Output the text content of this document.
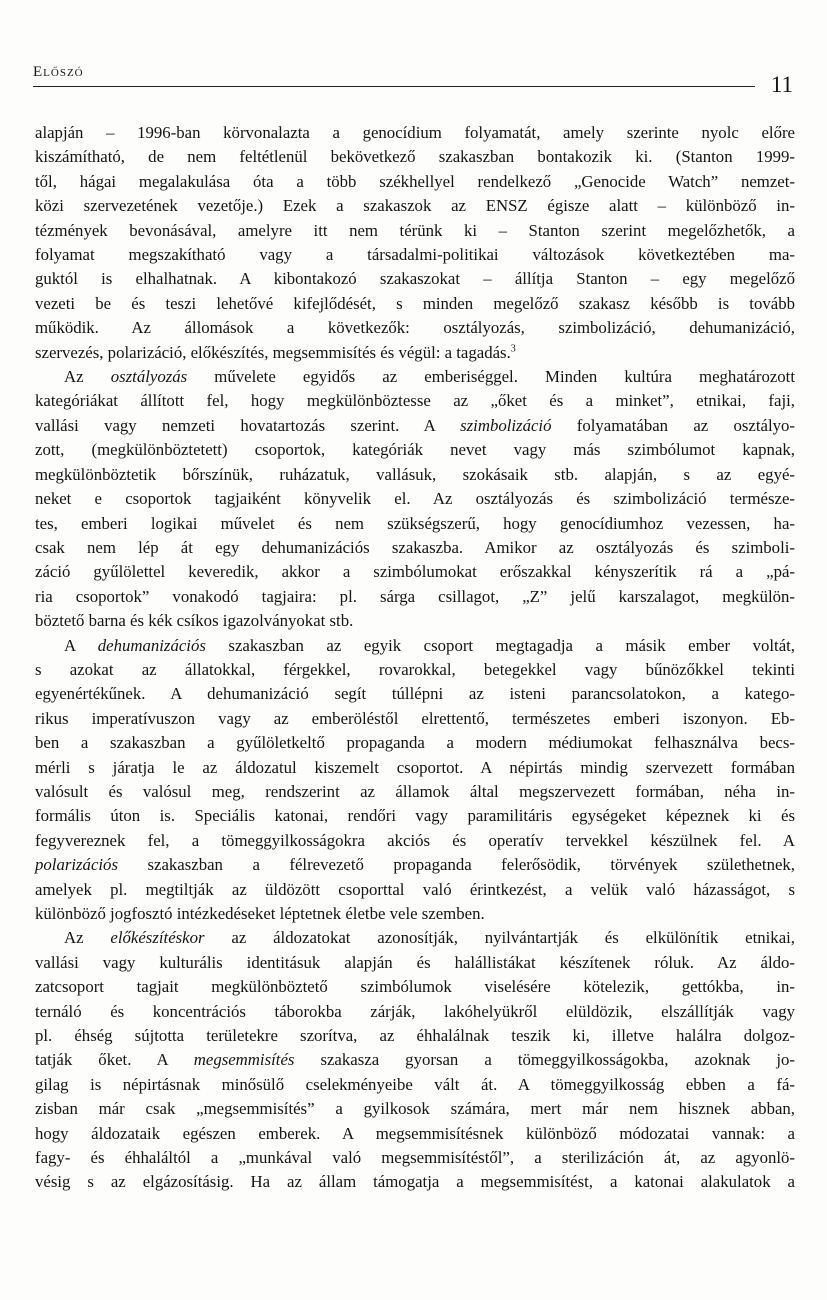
Előszó	11
alapján – 1996-ban körvonalazta a genocídium folyamatát, amely szerinte nyolc előre
kiszámítható, de nem feltétlenül bekövetkező szakaszban bontakozik ki. (Stanton 1999-
től, hágai megalakulása óta a több székhellyel rendelkező „Genocide Watch” nemzet-
közi szervezetének vezetője.) Ezek a szakaszok az ENSZ égisze alatt – különböző in-
tézmények bevonásával, amelyre itt nem térünk ki – Stanton szerint megelőzhetők, a
folyamat megszakítható vagy a társadalmi-politikai változások következtében ma-
guktól is elhalhatnak. A kibontakozó szakaszokat – állítja Stanton – egy megelőző
vezeti be és teszi lehetővé kifejlődését, s minden megelőző szakasz később is tovább
működik. Az állomások a következők: osztályozás, szimbolizáció, dehumanizáció,
szervezés, polarizáció, előkészítés, megsemmisítés és végül: a tagadás.$^3$
Az osztályozás művelete egyidős az emberiséggel. Minden kultúra meghatározott
kategóriákat állított fel, hogy megkülönböztesse az „őket és a minket”, etnikai, faji,
vallási vagy nemzeti hovatartozás szerint. A szimbolizáció folyamatában az osztályo-
zott, (megkülönböztetett) csoportok, kategóriák nevet vagy más szimbólumot kapnak,
megkülönböztetik bőrszínük, ruházatuk, vallásuk, szokásaik stb. alapján, s az egyé-
neket e csoportok tagjaiként könyvelik el. Az osztályozás és szimbolizáció természe-
tes, emberi logikai művelet és nem szükségszerű, hogy genocídiumhoz vezessen, ha-
csak nem lép át egy dehumanizációs szakaszba. Amikor az osztályozás és szimboli-
záció gyűlölettel keveredik, akkor a szimbólumokat erőszakkal kényszerítik rá a „pá-
ria csoportok” vonakodó tagjaira: pl. sárga csillagot, „Z” jelű karszalagot, megkülön-
böztető barna és kék csíkos igazolványokat stb.
A dehumanizációs szakaszban az egyik csoport megtagadja a másik ember voltát,
s azokat az állatokkal, férgekkel, rovarokkal, betegekkel vagy bűnözőkkel tekinti
egyenértékűnek. A dehumanizáció segít túllépni az isteni parancsolatokon, a katego-
rikus imperatívuszon vagy az emberöléstől elrettentő, természetes emberi iszonyon. Eb-
ben a szakaszban a gyűlöletkeltő propaganda a modern médiumokat felhasználva becs-
mérli s járatja le az áldozatul kiszemelt csoportot. A népirtás mindig szervezett formában
valósult és valósul meg, rendszerint az államok által megszervezett formában, néha in-
formális úton is. Speciális katonai, rendőri vagy paramilitáris egységeket képeznek ki és
fegyvereznek fel, a tömeggyilkosságokra akciós és operatív tervekkel készülnek fel. A
polarizációs szakaszban a félrevezető propaganda felerősödik, törvények születhetnek,
amelyek pl. megtiltják az üldözött csoporttal való érintkezést, a velük való házasságot, s
különböző jogfosztó intézkedéseket léptetnek életbe vele szemben.
Az előkészítéskor az áldozatokat azonosítják, nyilvántartják és elkülönítik etnikai,
vallási vagy kulturális identitásuk alapján és halállistákat készítenek róluk. Az áldo-
zatcsoport tagjait megkülönböztető szimbólumok viselésére kötelezik, gettókba, in-
ternáló és koncentrációs táborokba zárják, lakóhelyükről elüldözik, elszállítják vagy
pl. éhség sújtotta területekre szorítva, az éhhalálnak teszik ki, illetve halálra dolgoz-
tatják őket. A megsemmisítés szakasza gyorsan a tömeggyilkosságokba, azoknak jo-
gilag is népirtásnak minősülő cselekményeibe vált át. A tömeggyilkosság ebben a fá-
zisban már csak „megsemmisítés” a gyilkosok számára, mert már nem hisznek abban,
hogy áldozataik egészen emberek. A megsemmisítésnek különböző módozatai vannak: a
fagy- és éhhaláltól a „munkával való megsemmisítéstől”, a sterilizáción át, az agyonlö-
vésig s az elgázosításig. Ha az állam támogatja a megsemmisítést, a katonai alakulatok a
